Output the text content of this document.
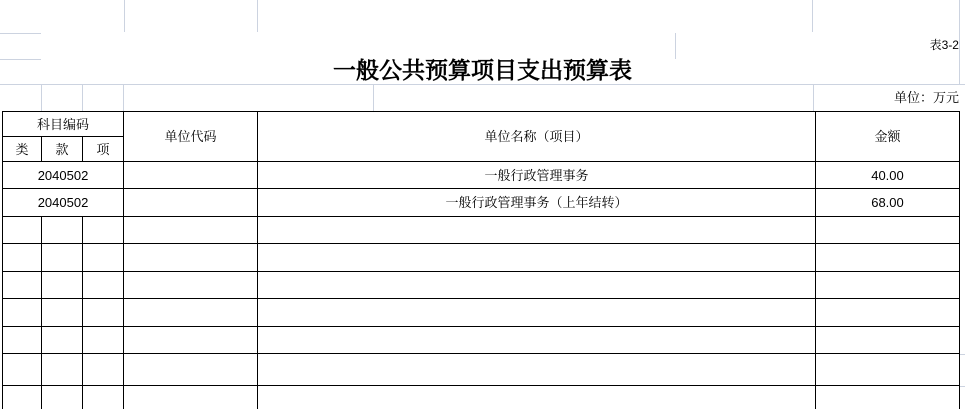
表3-2
一般公共预算项目支出预算表
单位：万元
科目编码			单位代码	单位名称（项目）	金额
类	款	项			
2040502				一般行政管理事务	40.00
2040502				一般行政管理事务（上年结转）	68.00
